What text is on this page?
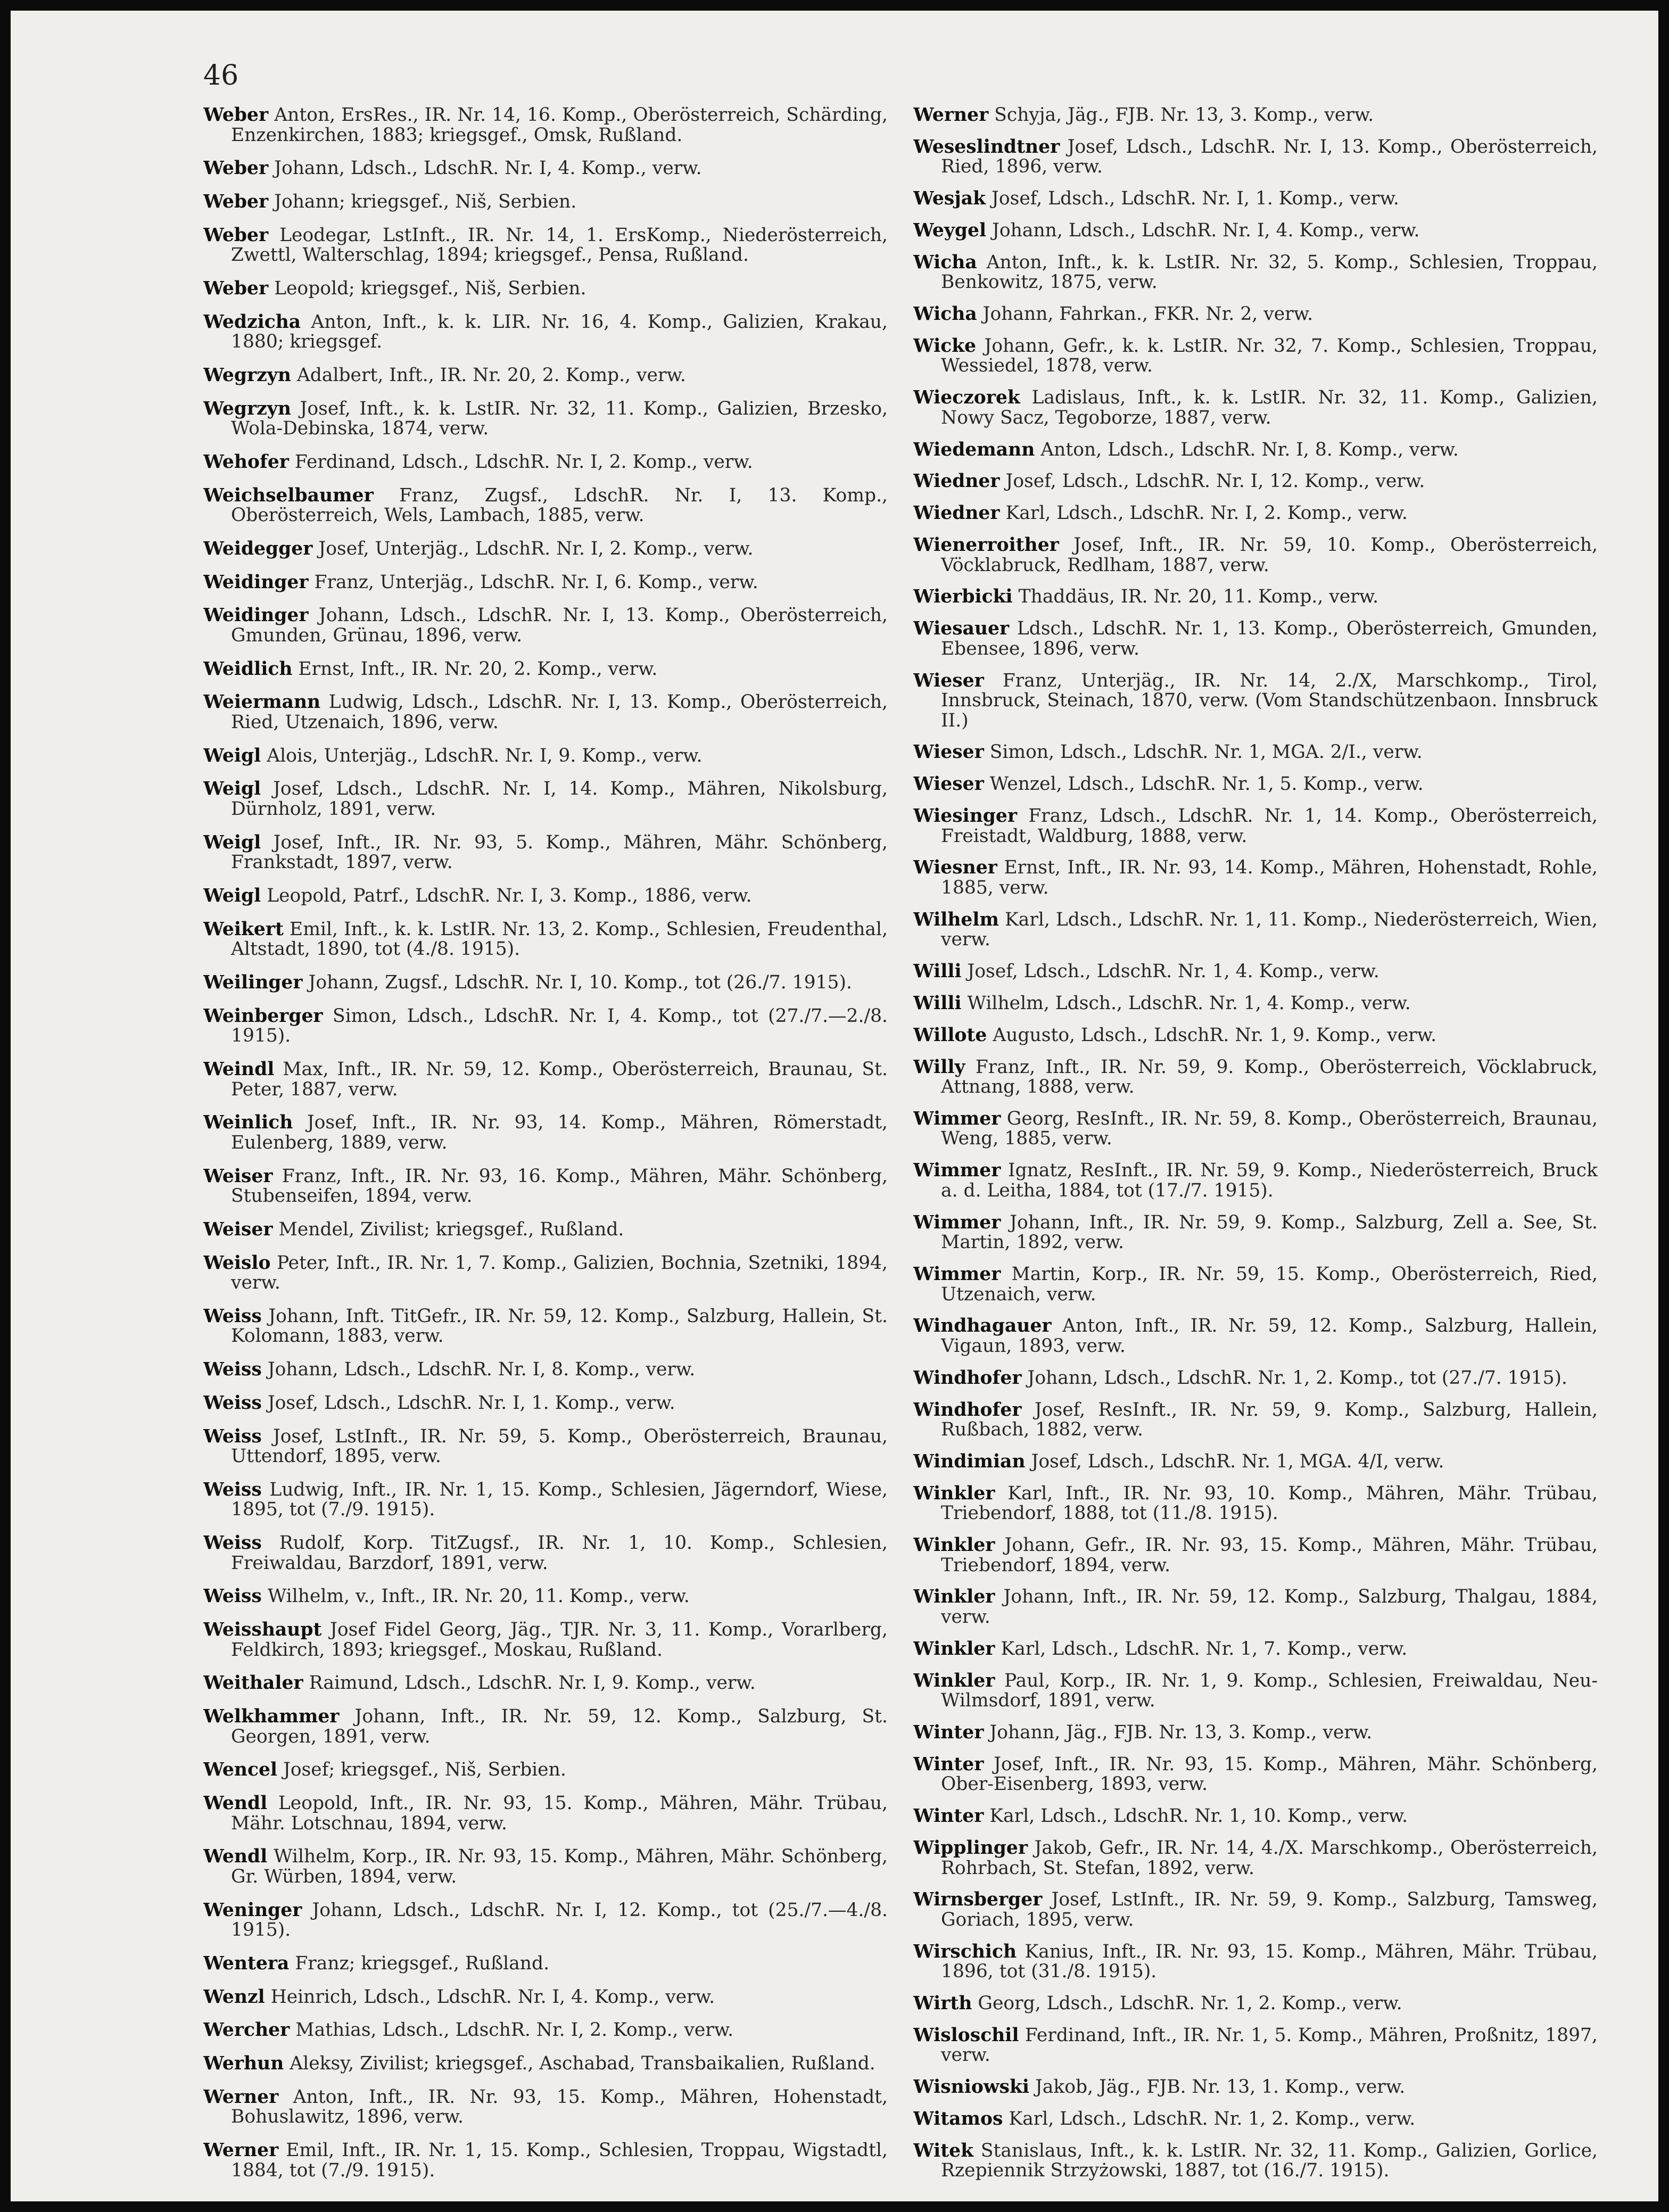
46

Weber Anton, ErsRes., IR. Nr. 14, 16. Komp., Oberösterreich, Schärding, Enzenkirchen, 1883; kriegsgef., Omsk, Rußland.

Weber Johann, Ldsch., LdschR. Nr. I, 4. Komp., verw.

Weber Johann; kriegsgef., Niš, Serbien.

Weber Leodegar, LstInft., IR. Nr. 14, 1. ErsKomp., Niederösterreich, Zwettl, Walterschlag, 1894; kriegsgef., Pensa, Rußland.

Weber Leopold; kriegsgef., Niš, Serbien.

Wedzicha Anton, Inft., k. k. LIR. Nr. 16, 4. Komp., Galizien, Krakau, 1880; kriegsgef.

Wegrzyn Adalbert, Inft., IR. Nr. 20, 2. Komp., verw.

Wegrzyn Josef, Inft., k. k. LstIR. Nr. 32, 11. Komp., Galizien, Brzesko, Wola-Debinska, 1874, verw.

Wehofer Ferdinand, Ldsch., LdschR. Nr. I, 2. Komp., verw.

Weichselbaumer Franz, Zugsf., LdschR. Nr. I, 13. Komp., Oberösterreich, Wels, Lambach, 1885, verw.

Weidegger Josef, Unterjäg., LdschR. Nr. I, 2. Komp., verw.

Weidinger Franz, Unterjäg., LdschR. Nr. I, 6. Komp., verw.

Weidinger Johann, Ldsch., LdschR. Nr. I, 13. Komp., Oberösterreich, Gmunden, Grünau, 1896, verw.

Weidlich Ernst, Inft., IR. Nr. 20, 2. Komp., verw.

Weiermann Ludwig, Ldsch., LdschR. Nr. I, 13. Komp., Oberösterreich, Ried, Utzenaich, 1896, verw.

Weigl Alois, Unterjäg., LdschR. Nr. I, 9. Komp., verw.

Weigl Josef, Ldsch., LdschR. Nr. I, 14. Komp., Mähren, Nikolsburg, Dürnholz, 1891, verw.

Weigl Josef, Inft., IR. Nr. 93, 5. Komp., Mähren, Mähr. Schönberg, Frankstadt, 1897, verw.

Weigl Leopold, Patrf., LdschR. Nr. I, 3. Komp., 1886, verw.

Weikert Emil, Inft., k. k. LstIR. Nr. 13, 2. Komp., Schlesien, Freudenthal, Altstadt, 1890, tot (4./8. 1915).

Weilinger Johann, Zugsf., LdschR. Nr. I, 10. Komp., tot (26./7. 1915).

Weinberger Simon, Ldsch., LdschR. Nr. I, 4. Komp., tot (27./7.—2./8. 1915).

Weindl Max, Inft., IR. Nr. 59, 12. Komp., Oberösterreich, Braunau, St. Peter, 1887, verw.

Weinlich Josef, Inft., IR. Nr. 93, 14. Komp., Mähren, Römerstadt, Eulenberg, 1889, verw.

Weiser Franz, Inft., IR. Nr. 93, 16. Komp., Mähren, Mähr. Schönberg, Stubenseifen, 1894, verw.

Weiser Mendel, Zivilist; kriegsgef., Rußland.

Weislo Peter, Inft., IR. Nr. 1, 7. Komp., Galizien, Bochnia, Szetniki, 1894, verw.

Weiss Johann, Inft. TitGefr., IR. Nr. 59, 12. Komp., Salzburg, Hallein, St. Kolomann, 1883, verw.

Weiss Johann, Ldsch., LdschR. Nr. I, 8. Komp., verw.

Weiss Josef, Ldsch., LdschR. Nr. I, 1. Komp., verw.

Weiss Josef, LstInft., IR. Nr. 59, 5. Komp., Oberösterreich, Braunau, Uttendorf, 1895, verw.

Weiss Ludwig, Inft., IR. Nr. 1, 15. Komp., Schlesien, Jägerndorf, Wiese, 1895, tot (7./9. 1915).

Weiss Rudolf, Korp. TitZugsf., IR. Nr. 1, 10. Komp., Schlesien, Freiwaldau, Barzdorf, 1891, verw.

Weiss Wilhelm, v., Inft., IR. Nr. 20, 11. Komp., verw.

Weisshaupt Josef Fidel Georg, Jäg., TJR. Nr. 3, 11. Komp., Vorarlberg, Feldkirch, 1893; kriegsgef., Moskau, Rußland.

Weithaler Raimund, Ldsch., LdschR. Nr. I, 9. Komp., verw.

Welkhammer Johann, Inft., IR. Nr. 59, 12. Komp., Salzburg, St. Georgen, 1891, verw.

Wencel Josef; kriegsgef., Niš, Serbien.

Wendl Leopold, Inft., IR. Nr. 93, 15. Komp., Mähren, Mähr. Trübau, Mähr. Lotschnau, 1894, verw.

Wendl Wilhelm, Korp., IR. Nr. 93, 15. Komp., Mähren, Mähr. Schönberg, Gr. Würben, 1894, verw.

Weninger Johann, Ldsch., LdschR. Nr. I, 12. Komp., tot (25./7.—4./8. 1915).

Wentera Franz; kriegsgef., Rußland.

Wenzl Heinrich, Ldsch., LdschR. Nr. I, 4. Komp., verw.

Wercher Mathias, Ldsch., LdschR. Nr. I, 2. Komp., verw.

Werhun Aleksy, Zivilist; kriegsgef., Aschabad, Transbaikalien, Rußland.

Werner Anton, Inft., IR. Nr. 93, 15. Komp., Mähren, Hohenstadt, Bohuslawitz, 1896, verw.

Werner Emil, Inft., IR. Nr. 1, 15. Komp., Schlesien, Troppau, Wigstadtl, 1884, tot (7./9. 1915).

Werner Schyja, Jäg., FJB. Nr. 13, 3. Komp., verw.

Weseslindtner Josef, Ldsch., LdschR. Nr. I, 13. Komp., Oberösterreich, Ried, 1896, verw.

Wesjak Josef, Ldsch., LdschR. Nr. I, 1. Komp., verw.

Weygel Johann, Ldsch., LdschR. Nr. I, 4. Komp., verw.

Wicha Anton, Inft., k. k. LstIR. Nr. 32, 5. Komp., Schlesien, Troppau, Benkowitz, 1875, verw.

Wicha Johann, Fahrkan., FKR. Nr. 2, verw.

Wicke Johann, Gefr., k. k. LstIR. Nr. 32, 7. Komp., Schlesien, Troppau, Wessiedel, 1878, verw.

Wieczorek Ladislaus, Inft., k. k. LstIR. Nr. 32, 11. Komp., Galizien, Nowy Sacz, Tegoborze, 1887, verw.

Wiedemann Anton, Ldsch., LdschR. Nr. I, 8. Komp., verw.

Wiedner Josef, Ldsch., LdschR. Nr. I, 12. Komp., verw.

Wiedner Karl, Ldsch., LdschR. Nr. I, 2. Komp., verw.

Wienerroither Josef, Inft., IR. Nr. 59, 10. Komp., Oberösterreich, Vöcklabruck, Redlham, 1887, verw.

Wierbicki Thaddäus, IR. Nr. 20, 11. Komp., verw.

Wiesauer Ldsch., LdschR. Nr. 1, 13. Komp., Oberösterreich, Gmunden, Ebensee, 1896, verw.

Wieser Franz, Unterjäg., IR. Nr. 14, 2./X, Marschkomp., Tirol, Innsbruck, Steinach, 1870, verw. (Vom Standschützenbaon. Innsbruck II.)

Wieser Simon, Ldsch., LdschR. Nr. 1, MGA. 2/I., verw.

Wieser Wenzel, Ldsch., LdschR. Nr. 1, 5. Komp., verw.

Wiesinger Franz, Ldsch., LdschR. Nr. 1, 14. Komp., Oberösterreich, Freistadt, Waldburg, 1888, verw.

Wiesner Ernst, Inft., IR. Nr. 93, 14. Komp., Mähren, Hohenstadt, Rohle, 1885, verw.

Wilhelm Karl, Ldsch., LdschR. Nr. 1, 11. Komp., Niederösterreich, Wien, verw.

Willi Josef, Ldsch., LdschR. Nr. 1, 4. Komp., verw.

Willi Wilhelm, Ldsch., LdschR. Nr. 1, 4. Komp., verw.

Willote Augusto, Ldsch., LdschR. Nr. 1, 9. Komp., verw.

Willy Franz, Inft., IR. Nr. 59, 9. Komp., Oberösterreich, Vöcklabruck, Attnang, 1888, verw.

Wimmer Georg, ResInft., IR. Nr. 59, 8. Komp., Oberösterreich, Braunau, Weng, 1885, verw.

Wimmer Ignatz, ResInft., IR. Nr. 59, 9. Komp., Niederösterreich, Bruck a. d. Leitha, 1884, tot (17./7. 1915).

Wimmer Johann, Inft., IR. Nr. 59, 9. Komp., Salzburg, Zell a. See, St. Martin, 1892, verw.

Wimmer Martin, Korp., IR. Nr. 59, 15. Komp., Oberösterreich, Ried, Utzenaich, verw.

Windhagauer Anton, Inft., IR. Nr. 59, 12. Komp., Salzburg, Hallein, Vigaun, 1893, verw.

Windhofer Johann, Ldsch., LdschR. Nr. 1, 2. Komp., tot (27./7. 1915).

Windhofer Josef, ResInft., IR. Nr. 59, 9. Komp., Salzburg, Hallein, Rußbach, 1882, verw.

Windimian Josef, Ldsch., LdschR. Nr. 1, MGA. 4/I, verw.

Winkler Karl, Inft., IR. Nr. 93, 10. Komp., Mähren, Mähr. Trübau, Triebendorf, 1888, tot (11./8. 1915).

Winkler Johann, Gefr., IR. Nr. 93, 15. Komp., Mähren, Mähr. Trübau, Triebendorf, 1894, verw.

Winkler Johann, Inft., IR. Nr. 59, 12. Komp., Salzburg, Thalgau, 1884, verw.

Winkler Karl, Ldsch., LdschR. Nr. 1, 7. Komp., verw.

Winkler Paul, Korp., IR. Nr. 1, 9. Komp., Schlesien, Freiwaldau, Neu-Wilmsdorf, 1891, verw.

Winter Johann, Jäg., FJB. Nr. 13, 3. Komp., verw.

Winter Josef, Inft., IR. Nr. 93, 15. Komp., Mähren, Mähr. Schönberg, Ober-Eisenberg, 1893, verw.

Winter Karl, Ldsch., LdschR. Nr. 1, 10. Komp., verw.

Wipplinger Jakob, Gefr., IR. Nr. 14, 4./X. Marschkomp., Oberösterreich, Rohrbach, St. Stefan, 1892, verw.

Wirnsberger Josef, LstInft., IR. Nr. 59, 9. Komp., Salzburg, Tamsweg, Goriach, 1895, verw.

Wirschich Kanius, Inft., IR. Nr. 93, 15. Komp., Mähren, Mähr. Trübau, 1896, tot (31./8. 1915).

Wirth Georg, Ldsch., LdschR. Nr. 1, 2. Komp., verw.

Wisloschil Ferdinand, Inft., IR. Nr. 1, 5. Komp., Mähren, Proßnitz, 1897, verw.

Wisniowski Jakob, Jäg., FJB. Nr. 13, 1. Komp., verw.

Witamos Karl, Ldsch., LdschR. Nr. 1, 2. Komp., verw.

Witek Stanislaus, Inft., k. k. LstIR. Nr. 32, 11. Komp., Galizien, Gorlice, Rzepiennik Strzyżowski, 1887, tot (16./7. 1915).
